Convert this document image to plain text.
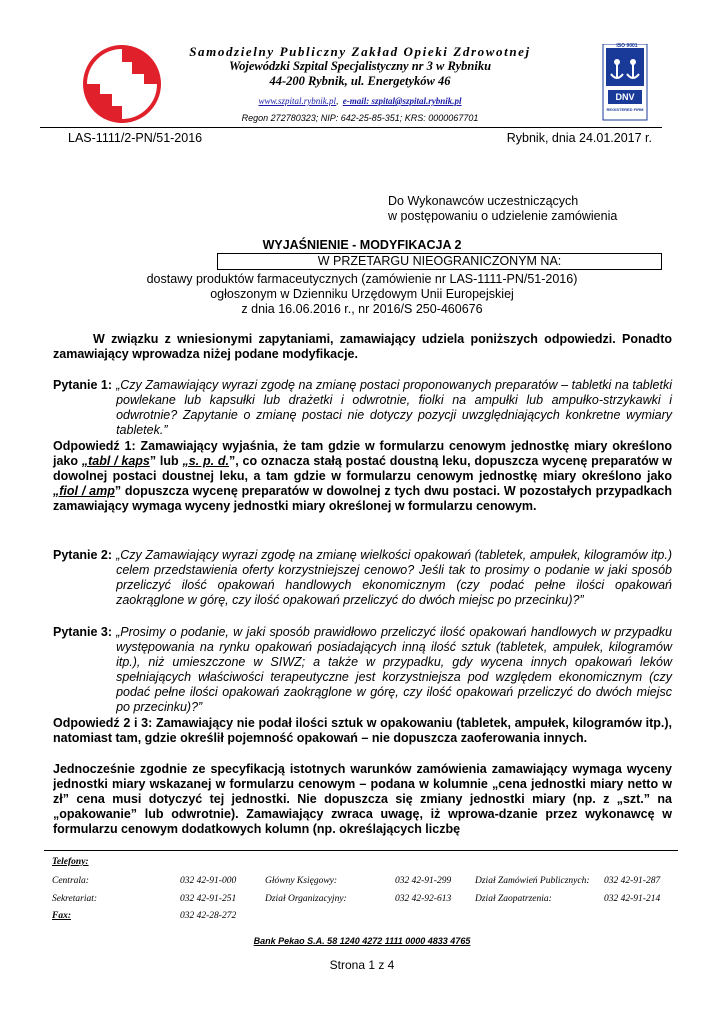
Samodzielny Publiczny Zakład Opieki Zdrowotnej
Wojewódzki Szpital Specjalistyczny nr 3 w Rybniku
44-200 Rybnik, ul. Energetyków 46
www.szpital.rybnik.pl,  e-mail: szpital@szpital.rybnik.pl
Regon 272780323; NIP: 642-25-85-351; KRS: 0000067701
ISO 9001
DNV
REGISTERED FIRM
LAS-1111/2-PN/51-2016	Rybnik, dnia 24.01.2017 r.
Do Wykonawców uczestniczących
w postępowaniu o udzielenie zamówienia
WYJAŚNIENIE - MODYFIKACJA 2
W PRZETARGU NIEOGRANICZONYM NA:
dostawy produktów farmaceutycznych (zamówienie nr LAS-1111-PN/51-2016)
ogłoszonym w Dzienniku Urzędowym Unii Europejskiej
z dnia 16.06.2016 r., nr 2016/S 250-460676
W związku z wniesionymi zapytaniami, zamawiający udziela poniższych odpowiedzi. Ponadto zamawiający wprowadza niżej podane modyfikacje.
Pytanie 1: „Czy Zamawiający wyrazi zgodę na zmianę postaci proponowanych preparatów – tabletki na tabletki powlekane lub kapsułki lub drażetki i odwrotnie, fiolki na ampułki lub ampułko-strzykawki i odwrotnie? Zapytanie o zmianę postaci nie dotyczy pozycji uwzględniających konkretne wymiary tabletek.”
Odpowiedź 1: Zamawiający wyjaśnia, że tam gdzie w formularzu cenowym jednostkę miary określono jako „tabl / kaps” lub „s. p. d.”, co oznacza stałą postać doustną leku, dopuszcza wycenę preparatów w dowolnej postaci doustnej leku, a tam gdzie w formularzu cenowym jednostkę miary określono jako „fiol / amp” dopuszcza wycenę preparatów w dowolnej z tych dwu postaci. W pozostałych przypadkach zamawiający wymaga wyceny jednostki miary określonej w formularzu cenowym.
Pytanie 2: „Czy Zamawiający wyrazi zgodę na zmianę wielkości opakowań (tabletek, ampułek, kilogramów itp.) celem przedstawienia oferty korzystniejszej cenowo? Jeśli tak to prosimy o podanie w jaki sposób przeliczyć ilość opakowań handlowych ekonomicznym (czy podać pełne ilości opakowań zaokrąglone w górę, czy ilość opakowań przeliczyć do dwóch miejsc po przecinku)?”
Pytanie 3: „Prosimy o podanie, w jaki sposób prawidłowo przeliczyć ilość opakowań handlowych w przypadku występowania na rynku opakowań posiadających inną ilość sztuk (tabletek, ampułek, kilogramów itp.), niż umieszczone w SIWZ; a także w przypadku, gdy wycena innych opakowań leków spełniających właściwości terapeutyczne jest korzystniejsza pod względem ekonomicznym (czy podać pełne ilości opakowań zaokrąglone w górę, czy ilość opakowań przeliczyć do dwóch miejsc po przecinku)?”
Odpowiedź 2 i 3: Zamawiający nie podał ilości sztuk w opakowaniu (tabletek, ampułek, kilogramów itp.), natomiast tam, gdzie określił pojemność opakowań – nie dopuszcza zaoferowania innych.
Jednocześnie zgodnie ze specyfikacją istotnych warunków zamówienia zamawiający wymaga wyceny jednostki miary wskazanej w formularzu cenowym – podana w kolumnie „cena jednostki miary netto w zł” cena musi dotyczyć tej jednostki. Nie dopuszcza się zmiany jednostki miary (np. z „szt.” na „opakowanie” lub odwrotnie). Zamawiający zwraca uwagę, iż wprowa-dzanie przez wykonawcę w formularzu cenowym dodatkowych kolumn (np. określających liczbę
Telefony:
Centrala:	032 42-91-000	Główny Księgowy:	032 42-91-299	Dział Zamówień Publicznych: 032 42-91-287
Sekretariat:	032 42-91-251	Dział Organizacyjny:	032 42-92-613	Dział Zaopatrzenia:	032 42-91-214
Fax:	032 42-28-272
Bank Pekao S.A. 58 1240 4272 1111 0000 4833 4765
Strona 1 z 4
